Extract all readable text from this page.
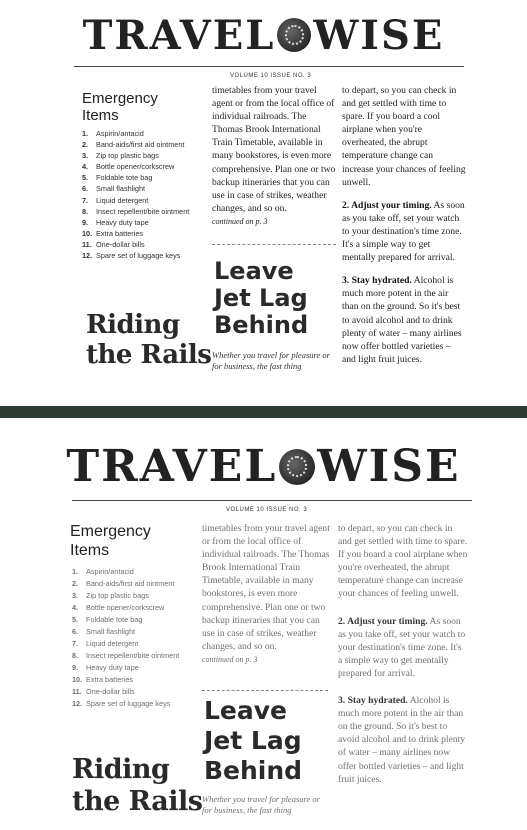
TRAVEL WISE
VOLUME 10 ISSUE NO. 3
Emergency
Items
1. Aspirin/antacid
2. Band-aids/first aid ointment
3. Zip top plastic bags
4. Bottle opener/corkscrew
5. Foldable tote bag
6. Small flashlight
7. Liquid detergent
8. Insect repellent/bite ointment
9. Heavy duty tape
10. Extra batteries
11. One-dollar bills
12. Spare set of luggage keys
Riding
the Rails

timetables from your travel agent or from the local office of individual railroads. The Thomas Brook International Train Timetable, available in many bookstores, is even more comprehensive. Plan one or two backup itineraries that you can use in case of strikes, weather changes, and so on.

continued on p. 3

Leave
Jet Lag
Behind
Whether you travel for pleasure or for business, the fast thing

to depart, so you can check in and get settled with time to spare. If you board a cool airplane when you're overheated, the abrupt temperature change can increase your chances of feeling unwell.

2. Adjust your timing. As soon as you take off, set your watch to your destination's time zone. It's a simple way to get mentally prepared for arrival.

3. Stay hydrated. Alcohol is much more potent in the air than on the ground. So it's best to avoid alcohol and to drink plenty of water – many airlines now offer bottled varieties – and light fruit juices.

TRAVEL WISE
VOLUME 10 ISSUE NO. 3
Emergency
Items
1. Aspirin/antacid
2. Band-aids/first aid ointment
3. Zip top plastic bags
4. Bottle opener/corkscrew
5. Foldable tote bag
6. Small flashlight
7. Liquid detergent
8. Insect repellent/bite ointment
9. Heavy duty tape
10. Extra batteries
11. One-dollar bills
12. Spare set of luggage keys
Riding
the Rails

timetables from your travel agent or from the local office of individual railroads. The Thomas Brook International Train Timetable, available in many bookstores, is even more comprehensive. Plan one or two backup itineraries that you can use in case of strikes, weather changes, and so on.

continued on p. 3

Leave
Jet Lag
Behind
Whether you travel for pleasure or for business, the fast thing

to depart, so you can check in and get settled with time to spare. If you board a cool airplane when you're overheated, the abrupt temperature change can increase your chances of feeling unwell.

2. Adjust your timing. As soon as you take off, set your watch to your destination's time zone. It's a simple way to get mentally prepared for arrival.

3. Stay hydrated. Alcohol is much more potent in the air than on the ground. So it's best to avoid alcohol and to drink plenty of water – many airlines now offer bottled varieties – and light fruit juices.
